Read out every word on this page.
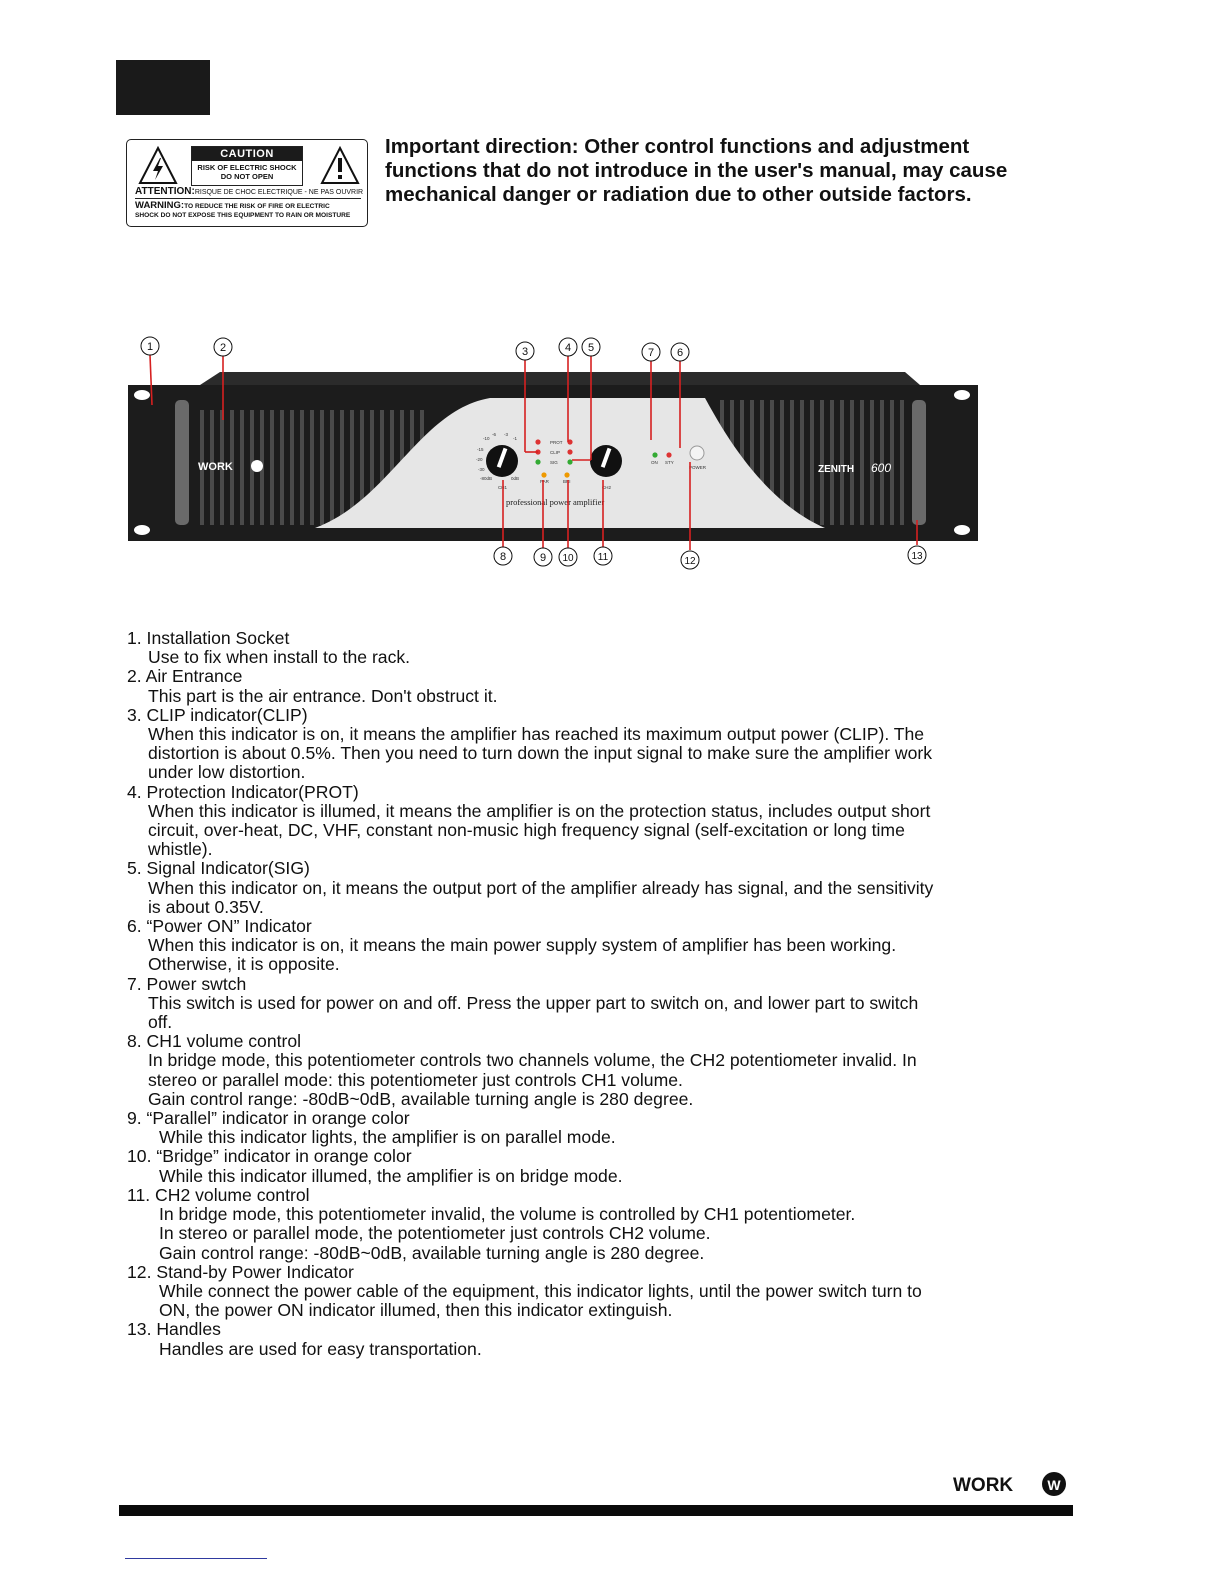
CAUTION
RISK OF ELECTRIC SHOCK
DO NOT OPEN
ATTENTION:RISQUE DE CHOC ELECTRIQUE - NE PAS OUVRIR
WARNING:TO REDUCE THE RISK OF FIRE OR ELECTRIC
SHOCK DO NOT EXPOSE THIS EQUIPMENT TO RAIN OR MOISTURE

Important direction: Other control functions and adjustment functions that do not introduce in the user's manual, may cause mechanical danger or radiation due to other outside factors.

WORK	ZENITH 600
-10
-6 -3
-1
-15
-20
-30
-80dB	0dB
CH1	CH2
PROT
CLIP
SIG
PAR	BRI
ON STY
POWER
professional power amplifier
1	2	3	4 5	7 6
8	9 10 11	12	13
1. Installation Socket
Use to fix when install to the rack.
2. Air Entrance
This part is the air entrance. Don't obstruct it.
3. CLIP indicator(CLIP)
When this indicator is on, it means the amplifier has reached its maximum output power (CLIP). The
distortion is about 0.5%. Then you need to turn down the input signal to make sure the amplifier work
under low distortion.
4. Protection Indicator(PROT)
When this indicator is illumed, it means the amplifier is on the protection status, includes output short
circuit, over-heat, DC, VHF, constant non-music high frequency signal (self-excitation or long time
whistle).
5. Signal Indicator(SIG)
When this indicator on, it means the output port of the amplifier already has signal, and the sensitivity
is about 0.35V.
6. “Power ON” Indicator
When this indicator is on, it means the main power supply system of amplifier has been working.
Otherwise, it is opposite.
7. Power swtch
This switch is used for power on and off. Press the upper part to switch on, and lower part to switch
off.
8. CH1 volume control
In bridge mode, this potentiometer controls two channels volume, the CH2 potentiometer invalid. In
stereo or parallel mode: this potentiometer just controls CH1 volume.
Gain control range: -80dB~0dB, available turning angle is 280 degree.
9. “Parallel” indicator in orange color
While this indicator lights, the amplifier is on parallel mode.
10. “Bridge” indicator in orange color
While this indicator illumed, the amplifier is on bridge mode.
11. CH2 volume control
In bridge mode, this potentiometer invalid, the volume is controlled by CH1 potentiometer.
In stereo or parallel mode, the potentiometer just controls CH2 volume.
Gain control range: -80dB~0dB, available turning angle is 280 degree.
12. Stand-by Power Indicator
While connect the power cable of the equipment, this indicator lights, until the power switch turn to
ON, the power ON indicator illumed, then this indicator extinguish.
13. Handles
Handles are used for easy transportation.
WORK W
